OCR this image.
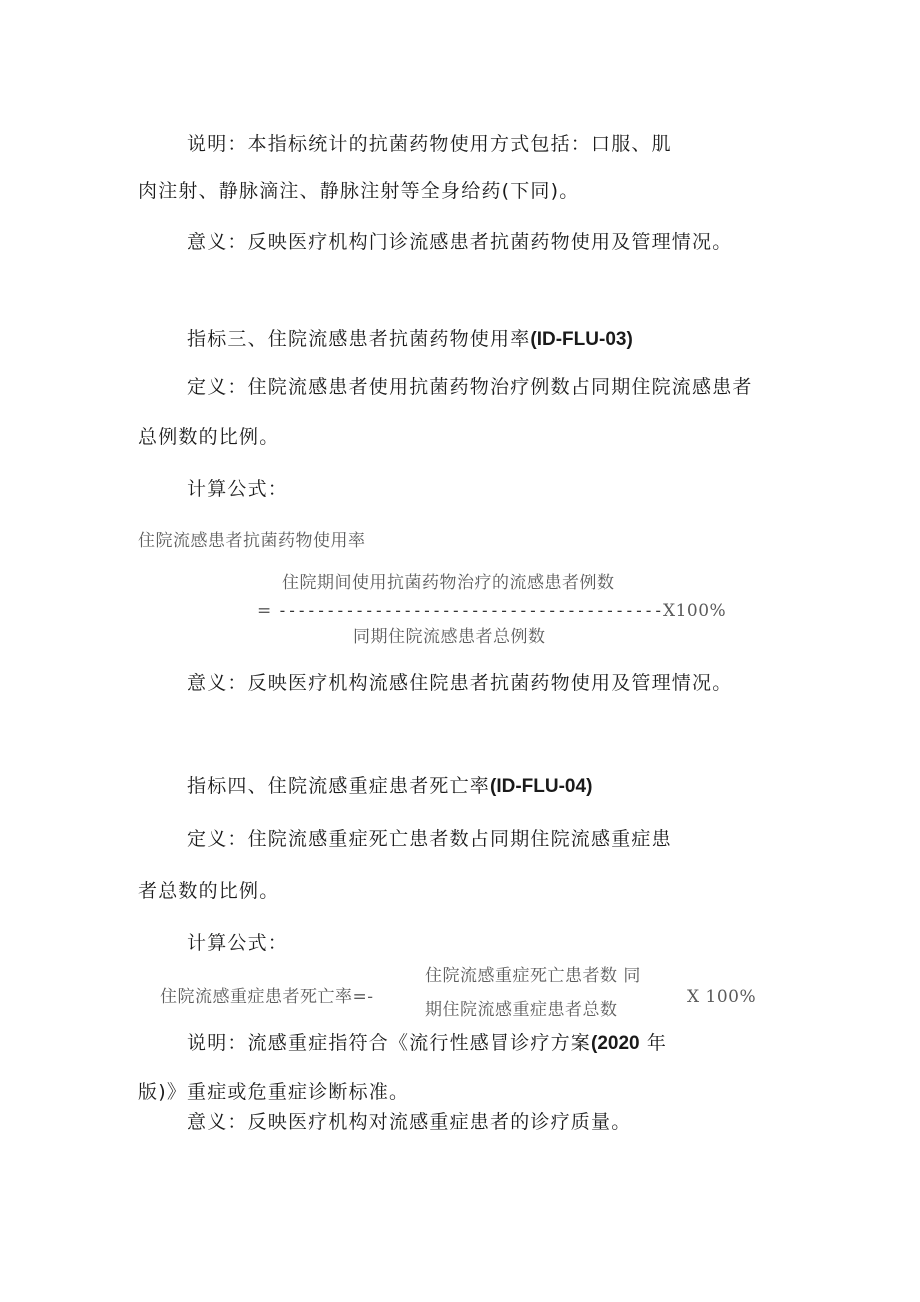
说明：本指标统计的抗菌药物使用方式包括：口服、肌
肉注射、静脉滴注、静脉注射等全身给药(下同)。
意义：反映医疗机构门诊流感患者抗菌药物使用及管理情况。
指标三、住院流感患者抗菌药物使用率(ID-FLU-03)
定义：住院流感患者使用抗菌药物治疗例数占同期住院流感患者
总例数的比例。
计算公式：
住院流感患者抗菌药物使用率
住院期间使用抗菌药物治疗的流感患者例数
= ----------------------------------------X100%
同期住院流感患者总例数
意义：反映医疗机构流感住院患者抗菌药物使用及管理情况。
指标四、住院流感重症患者死亡率(ID-FLU-04)
定义：住院流感重症死亡患者数占同期住院流感重症患
者总数的比例。
计算公式：
住院流感重症患者死亡率=-
住院流感重症死亡患者数 同
期住院流感重症患者总数
X 100%
说明：流感重症指符合《流行性感冒诊疗方案(2020 年
版)》重症或危重症诊断标准。
意义：反映医疗机构对流感重症患者的诊疗质量。
